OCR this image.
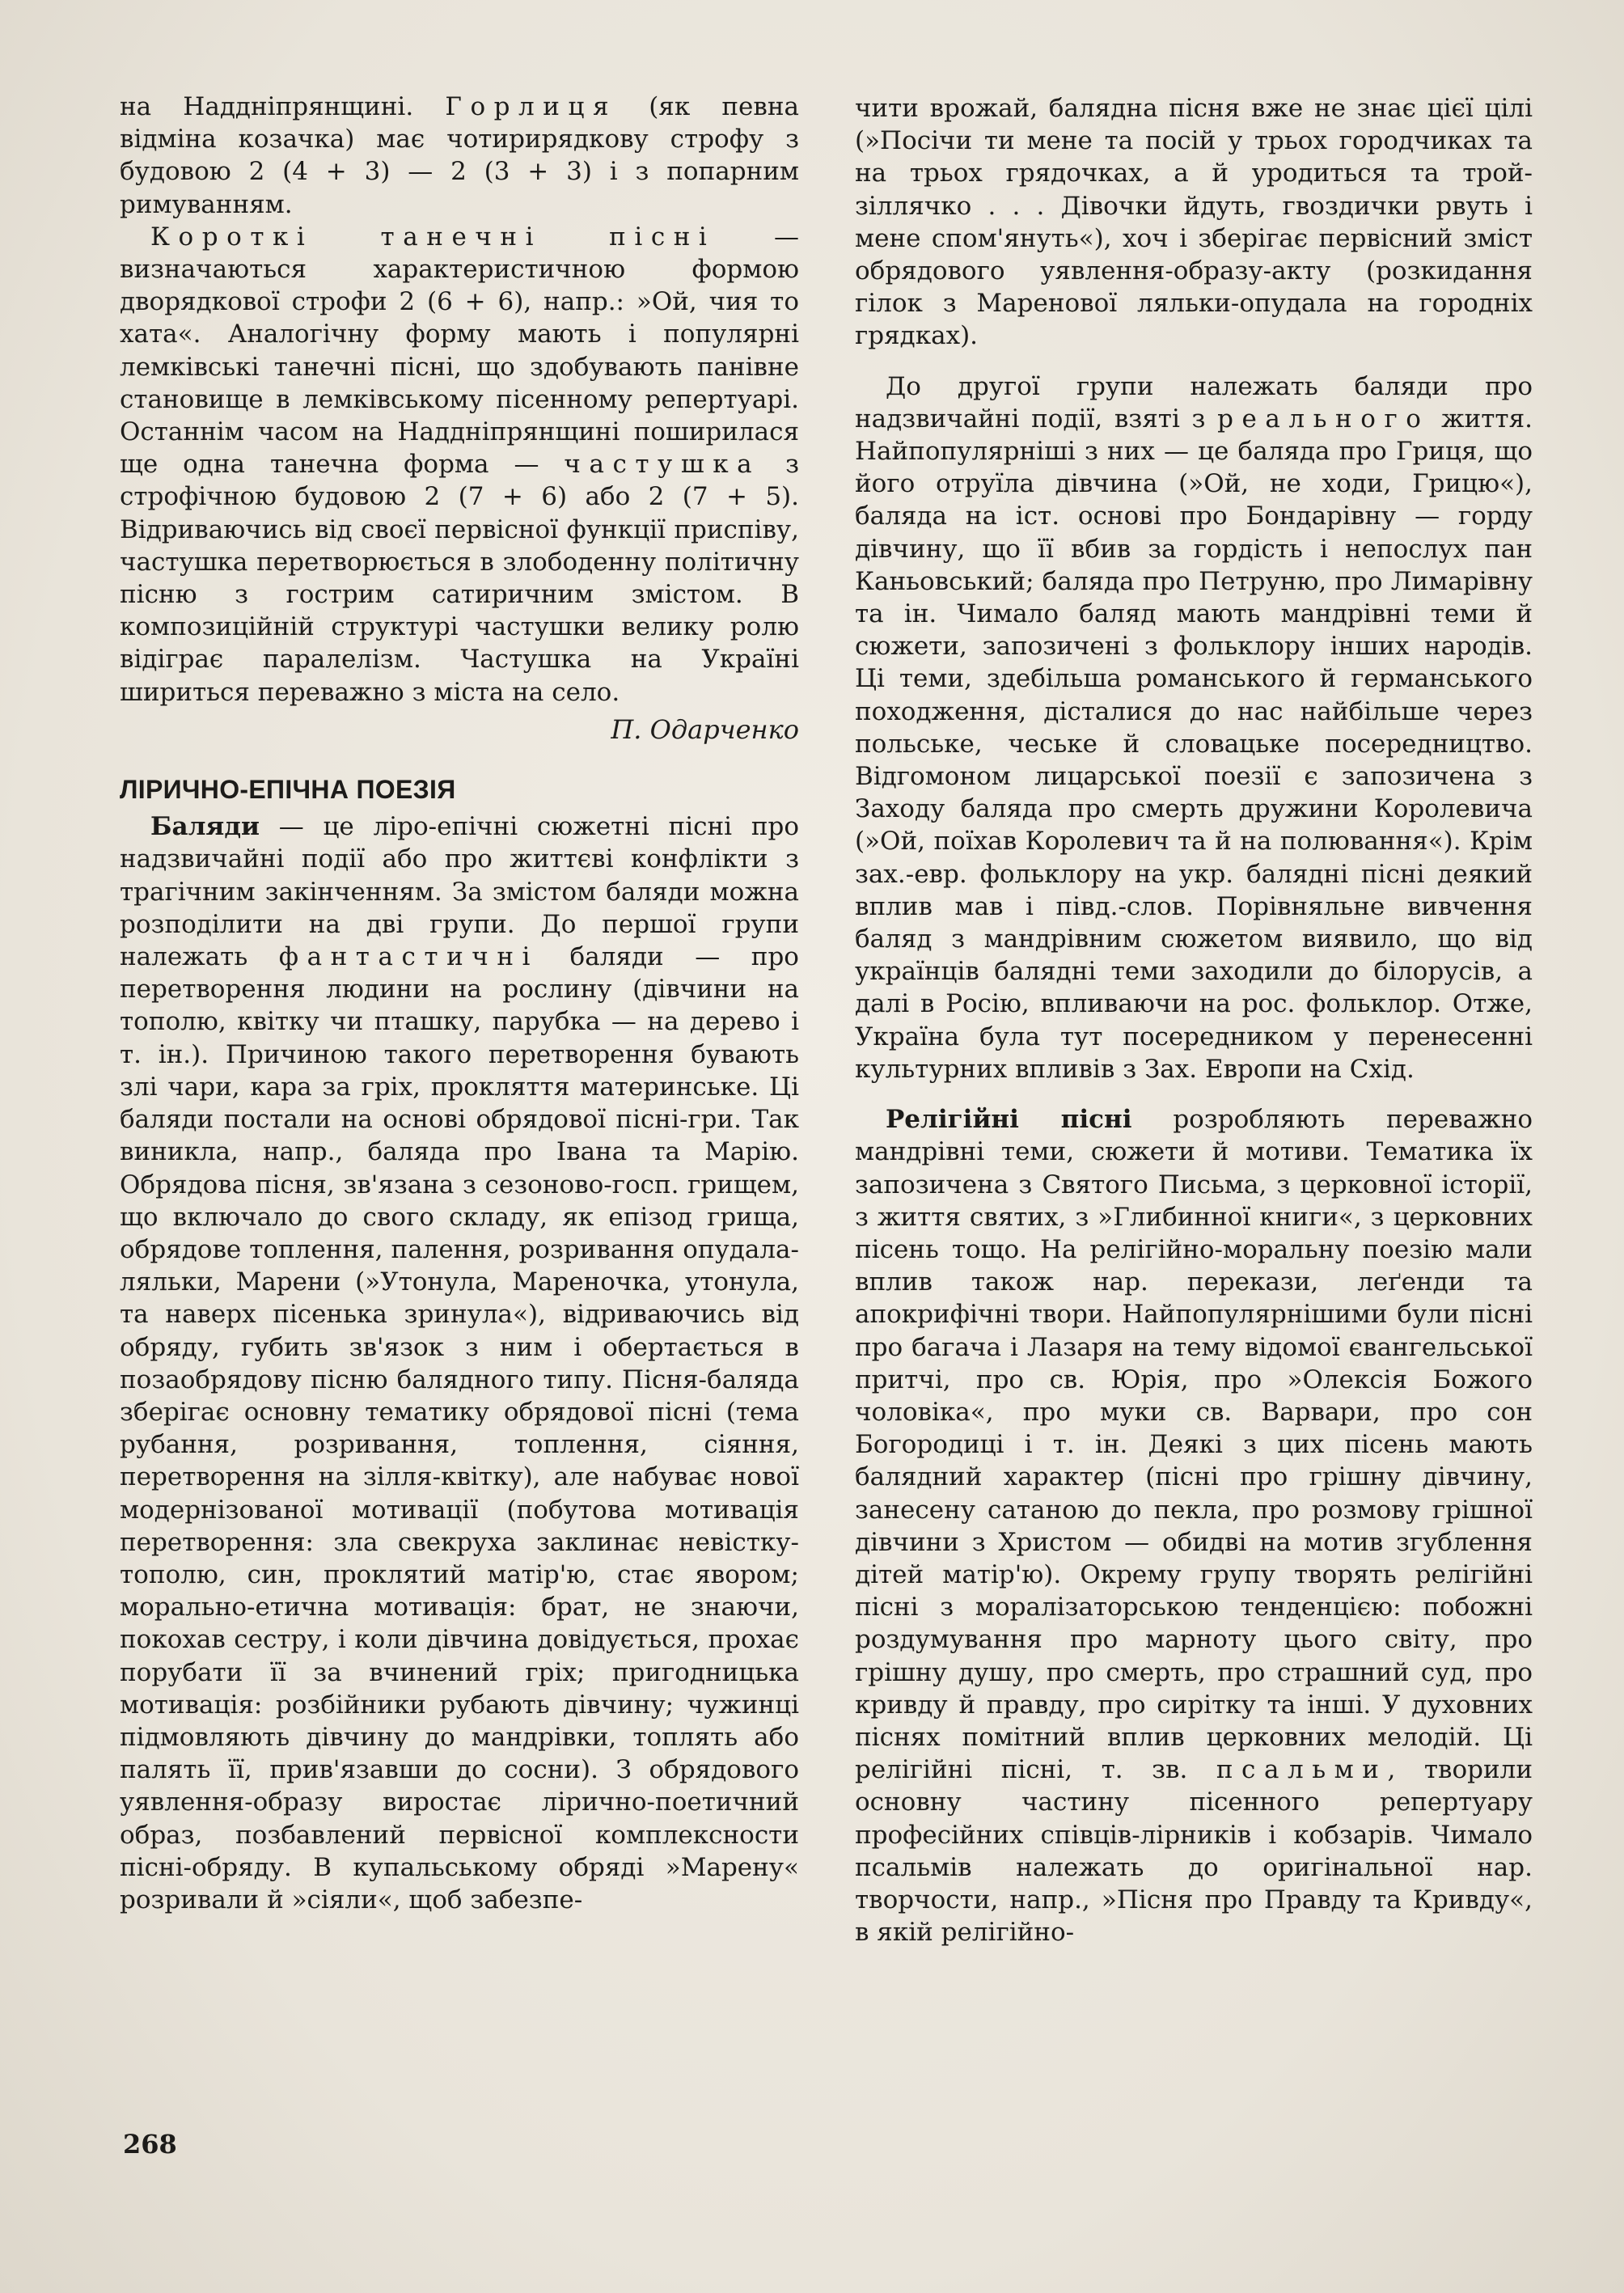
на Наддніпрянщині. Горлиця (як певна відміна козачка) має чотирирядкову строфу з будовою 2 (4 + 3) — 2 (3 + 3) і з попарним римуванням.

Короткі танечні пісні — визначаються характеристичною формою дворядкової строфи 2 (6 + 6), напр.: »Ой, чия то хата«. Аналогічну форму мають і популярні лемківські танечні пісні, що здобувають панівне становище в лемківському пісенному репертуарі. Останнім часом на Наддніпрянщині поширилася ще одна танечна форма — частушка з строфічною будовою 2 (7 + 6) або 2 (7 + 5). Відриваючись від своєї первісної функції приспіву, частушка перетворюється в злободенну політичну пісню з гострим сатиричним змістом. В композиційній структурі частушки велику ролю відіграє паралелізм. Частушка на Україні шириться переважно з міста на село.

П. Одарченко
ЛІРИЧНО-ЕПІЧНА ПОЕЗІЯ

Баляди — це ліро-епічні сюжетні пісні про надзвичайні події або про життєві конфлікти з трагічним закінченням. За змістом баляди можна розподілити на дві групи. До першої групи належать фантастичні баляди — про перетворення людини на рослину (дівчини на тополю, квітку чи пташку, парубка — на дерево і т. ін.). Причиною такого перетворення бувають злі чари, кара за гріх, прокляття материнське. Ці баляди постали на основі обрядової пісні-гри. Так виникла, напр., баляда про Івана та Марію. Обрядова пісня, зв'язана з сезоново-госп. грищем, що включало до свого складу, як епізод грища, обрядове топлення, палення, розривання опудала-ляльки, Марени (»Утонула, Мареночка, утонула, та наверх пісенька зринула«), відриваючись від обряду, губить зв'язок з ним і обертається в позаобрядову пісню балядного типу. Пісня-баляда зберігає основну тематику обрядової пісні (тема рубання, розривання, топлення, сіяння, перетворення на зілля-квітку), але набуває нової модернізованої мотивації (побутова мотивація перетворення: зла свекруха заклинає невістку-тополю, син, проклятий матір'ю, стає явором; морально-етична мотивація: брат, не знаючи, покохав сестру, і коли дівчина довідується, прохає порубати її за вчинений гріх; пригодницька мотивація: розбійники рубають дівчину; чужинці підмовляють дівчину до мандрівки, топлять або палять її, прив'язавши до сосни). З обрядового уявлення-образу виростає лірично-поетичний образ, позбавлений первісної комплексности пісні-обряду. В купальському обряді »Марену« розривали й »сіяли«, щоб забезпе-

чити врожай, балядна пісня вже не знає цієї цілі (»Посічи ти мене та посій у трьох городчиках та на трьох грядочках, а й уродиться та трой-зіллячко . . . Дівочки йдуть, гвоздички рвуть і мене спом'януть«), хоч і зберігає первісний зміст обрядового уявлення-образу-акту (розкидання гілок з Маренової ляльки-опудала на городніх грядках).

До другої групи належать баляди про надзвичайні події, взяті з реального життя. Найпопулярніші з них — це баляда про Гриця, що його отруїла дівчина (»Ой, не ходи, Грицю«), баляда на іст. основі про Бондарівну — горду дівчину, що її вбив за гордість і непослух пан Каньовський; баляда про Петруню, про Лимарівну та ін. Чимало баляд мають мандрівні теми й сюжети, запозичені з фольклору інших народів. Ці теми, здебільша романського й германського походження, дісталися до нас найбільше через польське, чеське й словацьке посередництво. Відгомоном лицарської поезії є запозичена з Заходу баляда про смерть дружини Королевича (»Ой, поїхав Королевич та й на полювання«). Крім зах.-евр. фольклору на укр. балядні пісні деякий вплив мав і півд.-слов. Порівняльне вивчення баляд з мандрівним сюжетом виявило, що від українців балядні теми заходили до білорусів, а далі в Росію, впливаючи на рос. фольклор. Отже, Україна була тут посередником у перенесенні культурних впливів з Зах. Европи на Схід.

Релігійні пісні розробляють переважно мандрівні теми, сюжети й мотиви. Тематика їх запозичена з Святого Письма, з церковної історії, з життя святих, з »Глибинної книги«, з церковних пісень тощо. На релігійно-моральну поезію мали вплив також нар. перекази, леґенди та апокрифічні твори. Найпопулярнішими були пісні про багача і Лазаря на тему відомої євангельської притчі, про св. Юрія, про »Олексія Божого чоловіка«, про муки св. Варвари, про сон Богородиці і т. ін. Деякі з цих пісень мають балядний характер (пісні про грішну дівчину, занесену сатаною до пекла, про розмову грішної дівчини з Христом — обидві на мотив згублення дітей матір'ю). Окрему групу творять релігійні пісні з моралізаторською тенденцією: побожні роздумування про марноту цього світу, про грішну душу, про смерть, про страшний суд, про кривду й правду, про сирітку та інші. У духовних піснях помітний вплив церковних мелодій. Ці релігійні пісні, т. зв. псальми, творили основну частину пісенного репертуару професійних співців-лірників і кобзарів. Чимало псальмів належать до оригінальної нар. творчости, напр., »Пісня про Правду та Кривду«, в якій релігійно-

268
